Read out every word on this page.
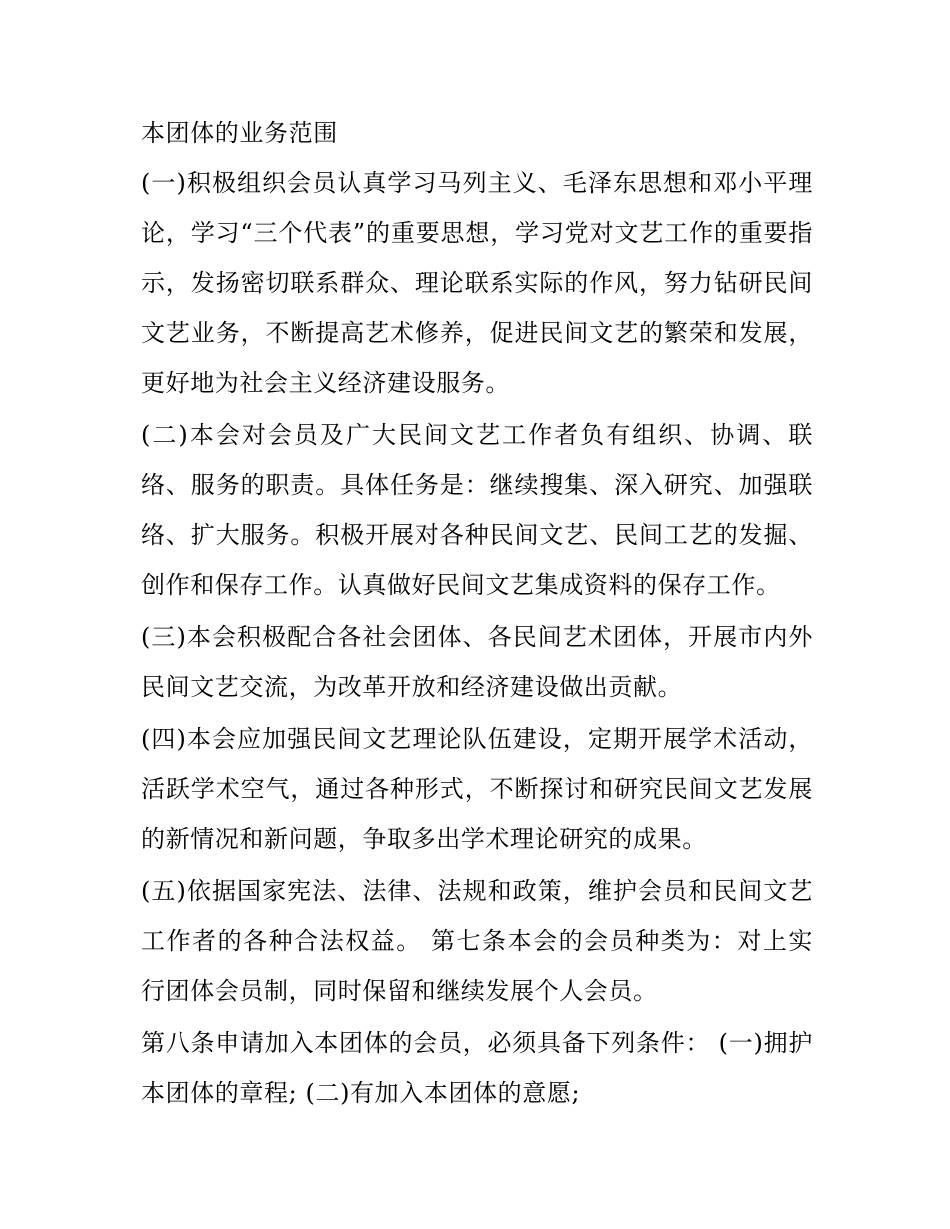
本团体的业务范围

(一)积极组织会员认真学习马列主义、毛泽东思想和邓小平理论，学习“三个代表”的重要思想，学习党对文艺工作的重要指示，发扬密切联系群众、理论联系实际的作风，努力钻研民间文艺业务，不断提高艺术修养，促进民间文艺的繁荣和发展，更好地为社会主义经济建设服务。

(二)本会对会员及广大民间文艺工作者负有组织、协调、联络、服务的职责。具体任务是：继续搜集、深入研究、加强联络、扩大服务。积极开展对各种民间文艺、民间工艺的发掘、创作和保存工作。认真做好民间文艺集成资料的保存工作。

(三)本会积极配合各社会团体、各民间艺术团体，开展市内外民间文艺交流，为改革开放和经济建设做出贡献。

(四)本会应加强民间文艺理论队伍建设，定期开展学术活动，活跃学术空气，通过各种形式，不断探讨和研究民间文艺发展的新情况和新问题，争取多出学术理论研究的成果。

(五)依据国家宪法、法律、法规和政策，维护会员和民间文艺工作者的各种合法权益。 第七条本会的会员种类为：对上实行团体会员制，同时保留和继续发展个人会员。

第八条申请加入本团体的会员，必须具备下列条件： (一)拥护本团体的章程; (二)有加入本团体的意愿;
